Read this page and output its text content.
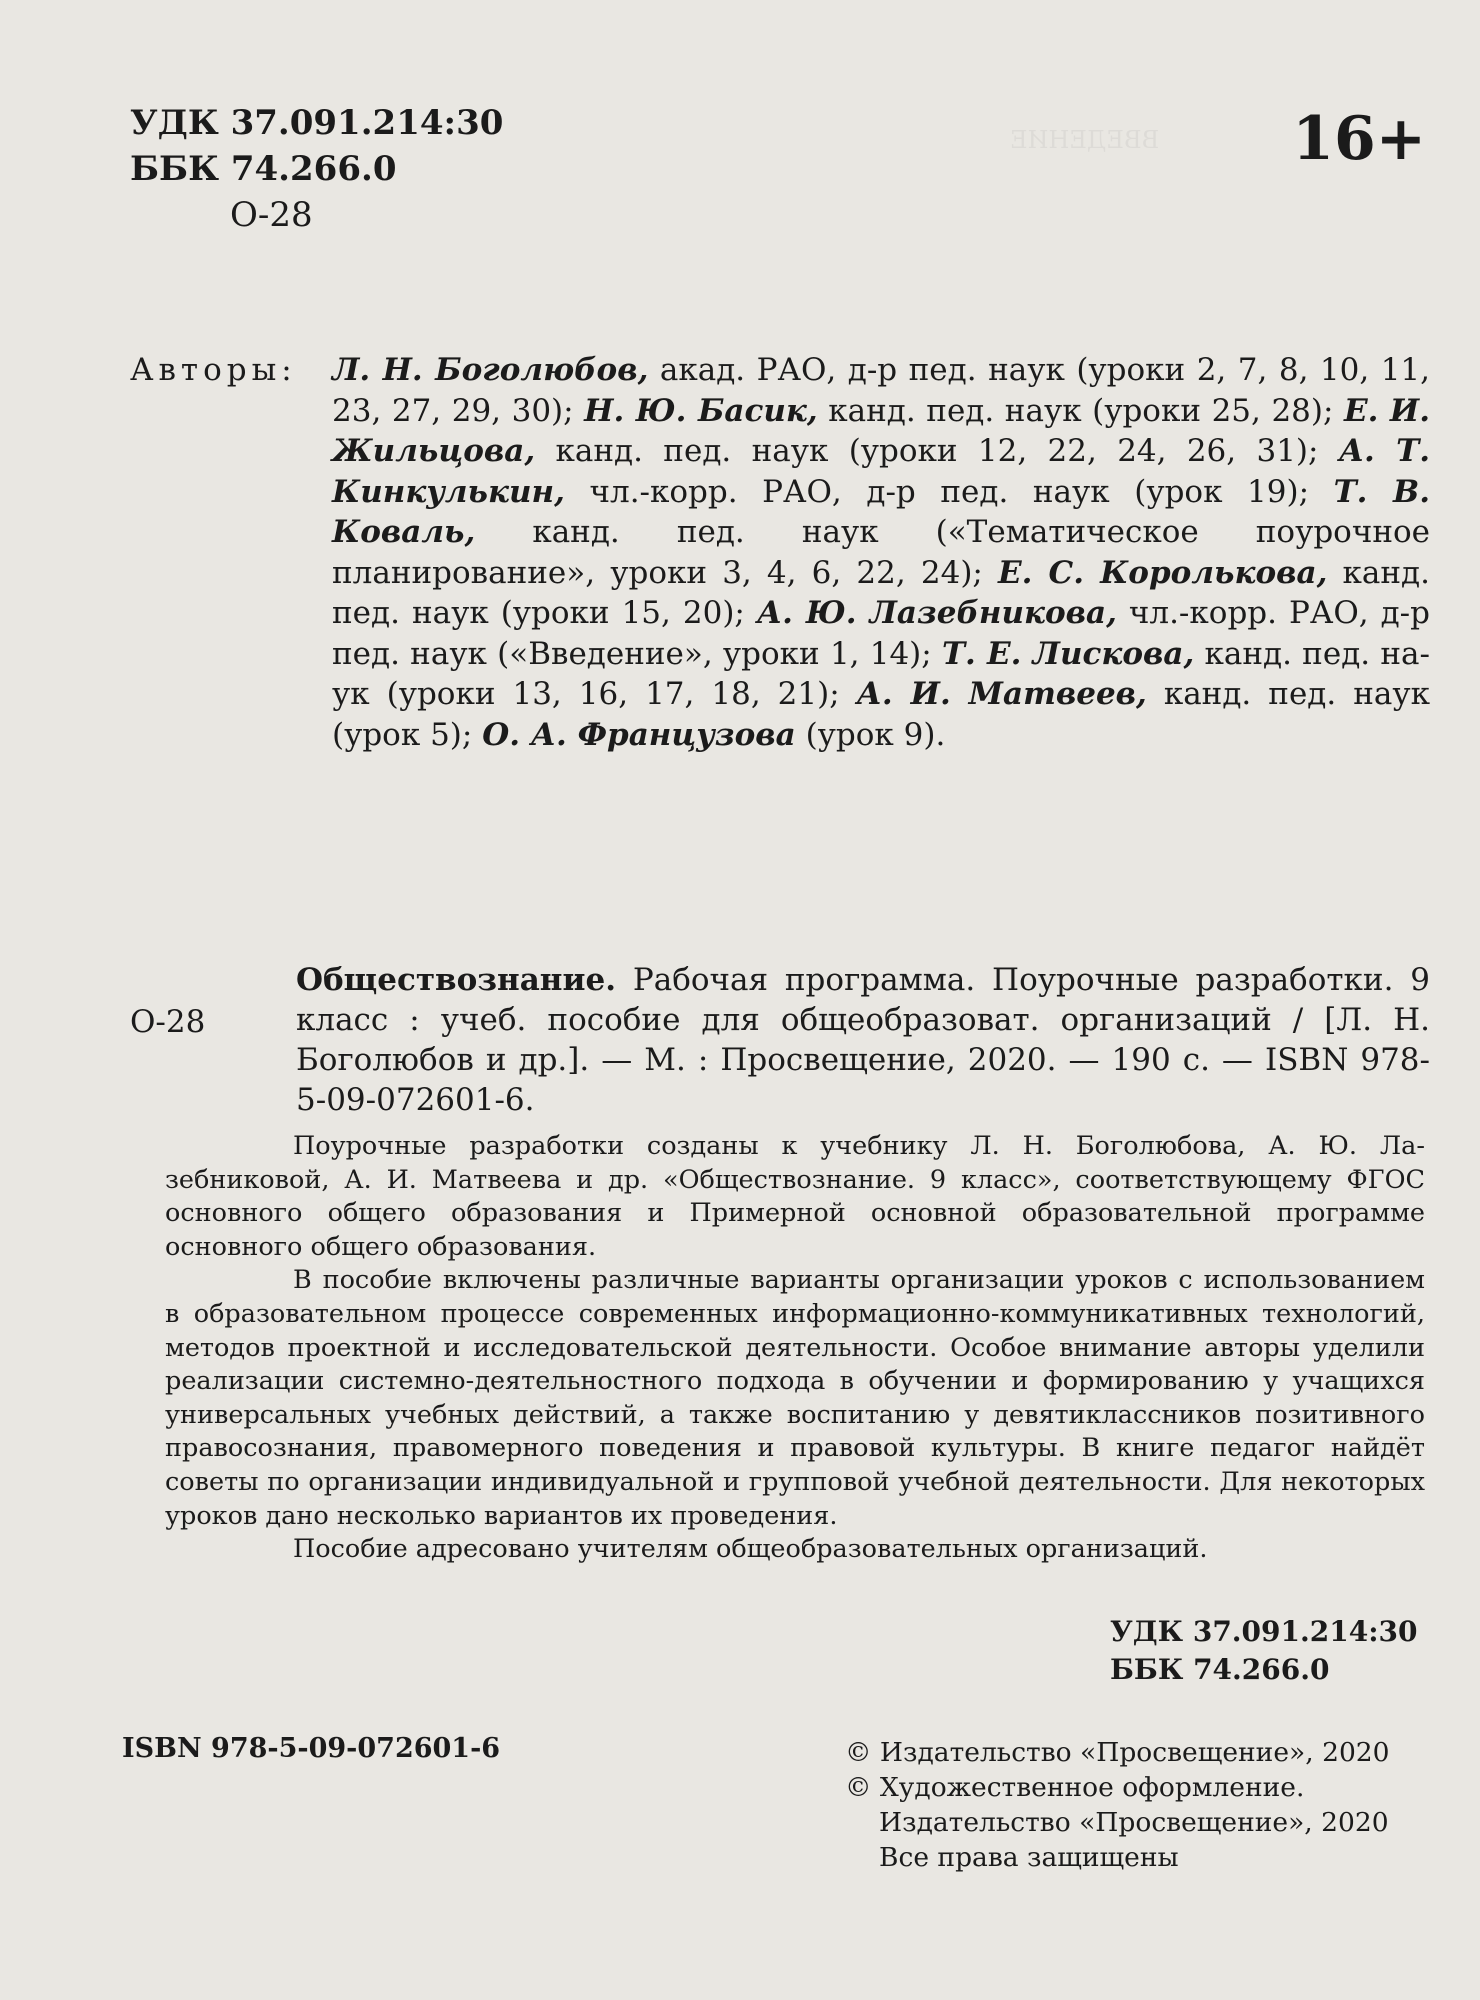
ВВЕДЕНИЕ
УДК 37.091.214:30
ББК 74.266.0
О-28
16+
Авторы: Л. Н. Боголюбов, акад. РАО, д-р пед. наук (уроки 2, 7, 8, 10, 11, 23, 27, 29, 30); Н. Ю. Басик, канд. пед. наук (уроки 25, 28); Е. И. Жильцова, канд. пед. наук (уроки 12, 22, 24, 26, 31); А. Т. Кинкулькин, чл.-корр. РАО, д-р пед. наук (урок 19); Т. В. Коваль, канд. пед. наук («Тематическое поурочное планирование», уроки 3, 4, 6, 22, 24); Е. С. Королькова, канд. пед. наук (уроки 15, 20); А. Ю. Лазебникова, чл.-корр. РАО, д-р пед. наук («Введение», уроки 1, 14); Т. Е. Лискова, канд. пед. наук (уроки 13, 16, 17, 18, 21); А. И. Матвеев, канд. пед. наук (урок 5); О. А. Французова (урок 9).
О-28
Обществознание. Рабочая программа. Поурочные разработки. 9 класс : учеб. пособие для общеобразоват. организаций / [Л. Н. Боголюбов и др.]. — М. : Просвещение, 2020. — 190 с. — ISBN 978-5-09-072601-6.

Поурочные разработки созданы к учебнику Л. Н. Боголюбова, А. Ю. Лазебниковой, А. И. Матвеева и др. «Обществознание. 9 класс», соответствующему ФГОС основного общего образования и Примерной основной образовательной программе основного общего образования.

В пособие включены различные варианты организации уроков с использованием в образовательном процессе современных информационно-коммуникативных технологий, методов проектной и исследовательской деятельности. Особое внимание авторы уделили реализации системно-деятельностного подхода в обучении и формированию у учащихся универсальных учебных действий, а также воспитанию у девятиклассников позитивного правосознания, правомерного поведения и правовой культуры. В книге педагог найдёт советы по организации индивидуальной и групповой учебной деятельности. Для некоторых уроков дано несколько вариантов их проведения.

Пособие адресовано учителям общеобразовательных организаций.

УДК 37.091.214:30
ББК 74.266.0
ISBN 978-5-09-072601-6	© Издательство «Просвещение», 2020
© Художественное оформление.
Издательство «Просвещение», 2020
Все права защищены
